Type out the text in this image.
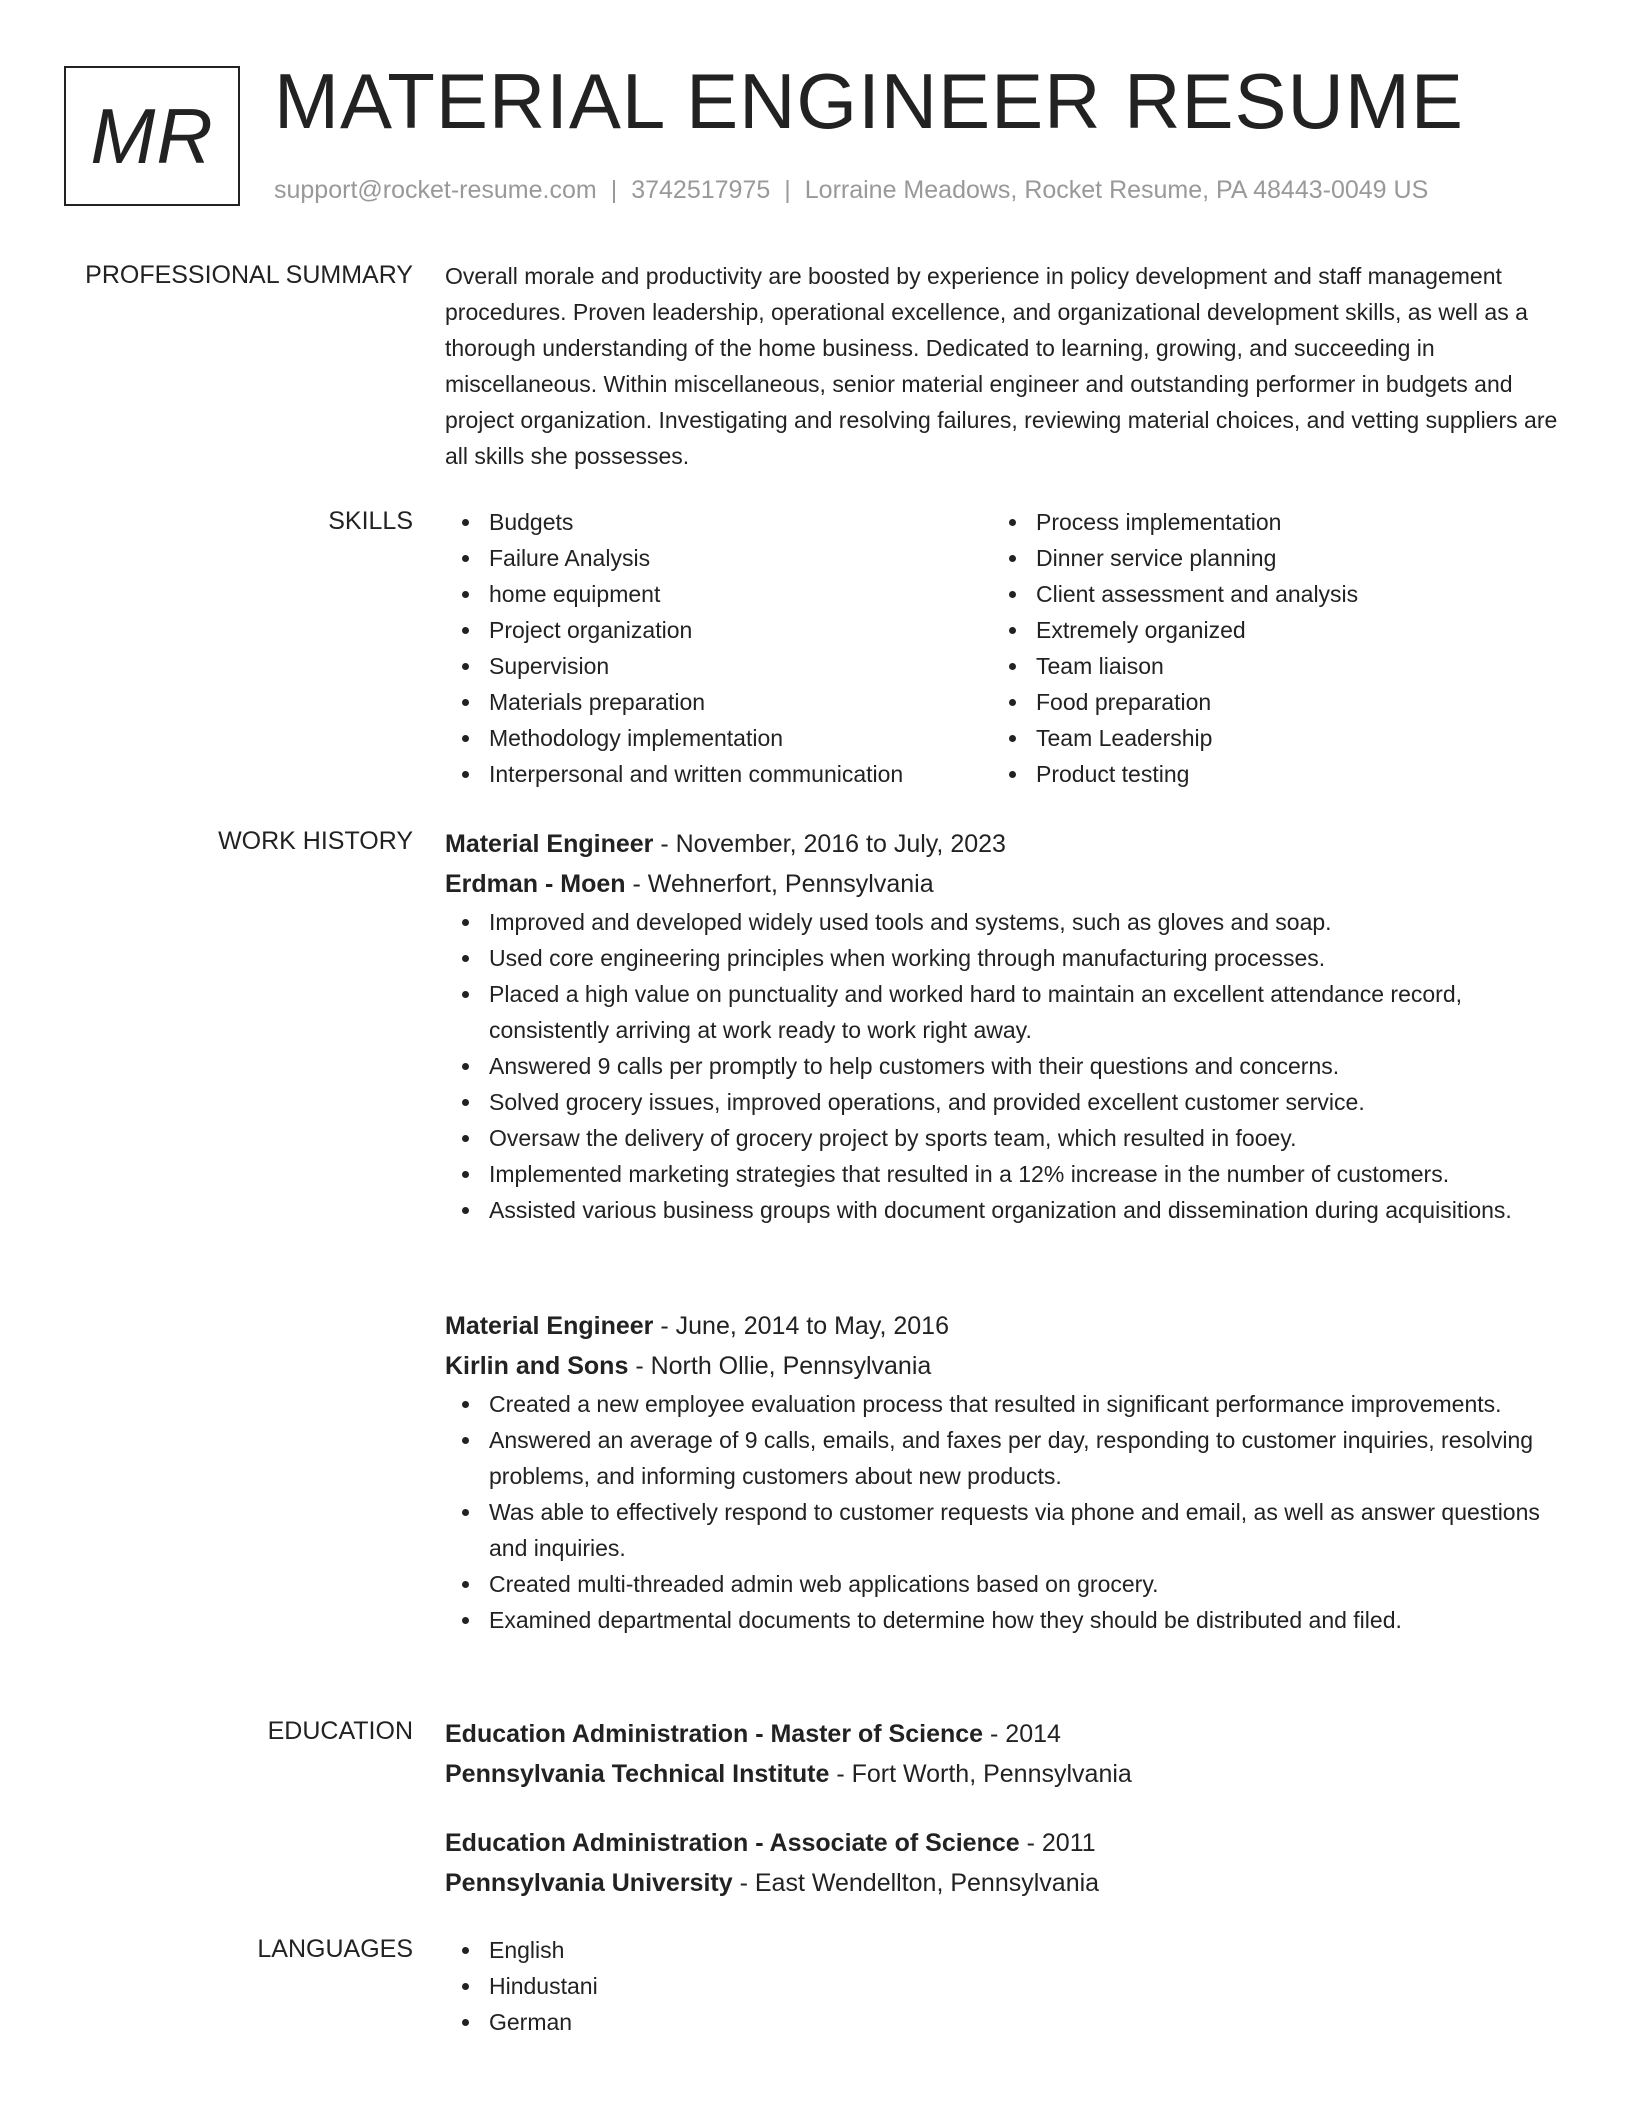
MR MATERIAL ENGINEER RESUME
support@rocket-resume.com | 3742517975 | Lorraine Meadows, Rocket Resume, PA 48443-0049 US
PROFESSIONAL SUMMARY Overall morale and productivity are boosted by experience in policy development and staff management procedures. Proven leadership, operational excellence, and organizational development skills, as well as a thorough understanding of the home business. Dedicated to learning, growing, and succeeding in miscellaneous. Within miscellaneous, senior material engineer and outstanding performer in budgets and project organization. Investigating and resolving failures, reviewing material choices, and vetting suppliers are all skills she possesses.

SKILLS	Budgets
Failure Analysis
home equipment
Project organization
Supervision
Materials preparation
Methodology implementation
Interpersonal and written communication
Process implementation
Dinner service planning
Client assessment and analysis
Extremely organized
Team liaison
Food preparation
Team Leadership
Product testing
WORK HISTORY Material Engineer - November, 2016 to July, 2023
Erdman - Moen - Wehnerfort, Pennsylvania
Improved and developed widely used tools and systems, such as gloves and soap.
Used core engineering principles when working through manufacturing processes.
Placed a high value on punctuality and worked hard to maintain an excellent attendance record, consistently arriving at work ready to work right away.
Answered 9 calls per promptly to help customers with their questions and concerns.
Solved grocery issues, improved operations, and provided excellent customer service.
Oversaw the delivery of grocery project by sports team, which resulted in fooey.
Implemented marketing strategies that resulted in a 12% increase in the number of customers.
Assisted various business groups with document organization and dissemination during acquisitions.
Material Engineer - June, 2014 to May, 2016
Kirlin and Sons - North Ollie, Pennsylvania
Created a new employee evaluation process that resulted in significant performance improvements.
Answered an average of 9 calls, emails, and faxes per day, responding to customer inquiries, resolving problems, and informing customers about new products.
Was able to effectively respond to customer requests via phone and email, as well as answer questions and inquiries.
Created multi-threaded admin web applications based on grocery.
Examined departmental documents to determine how they should be distributed and filed.
EDUCATION Education Administration - Master of Science - 2014
Pennsylvania Technical Institute - Fort Worth, Pennsylvania
Education Administration - Associate of Science - 2011
Pennsylvania University - East Wendellton, Pennsylvania
LANGUAGES	English
Hindustani
German
